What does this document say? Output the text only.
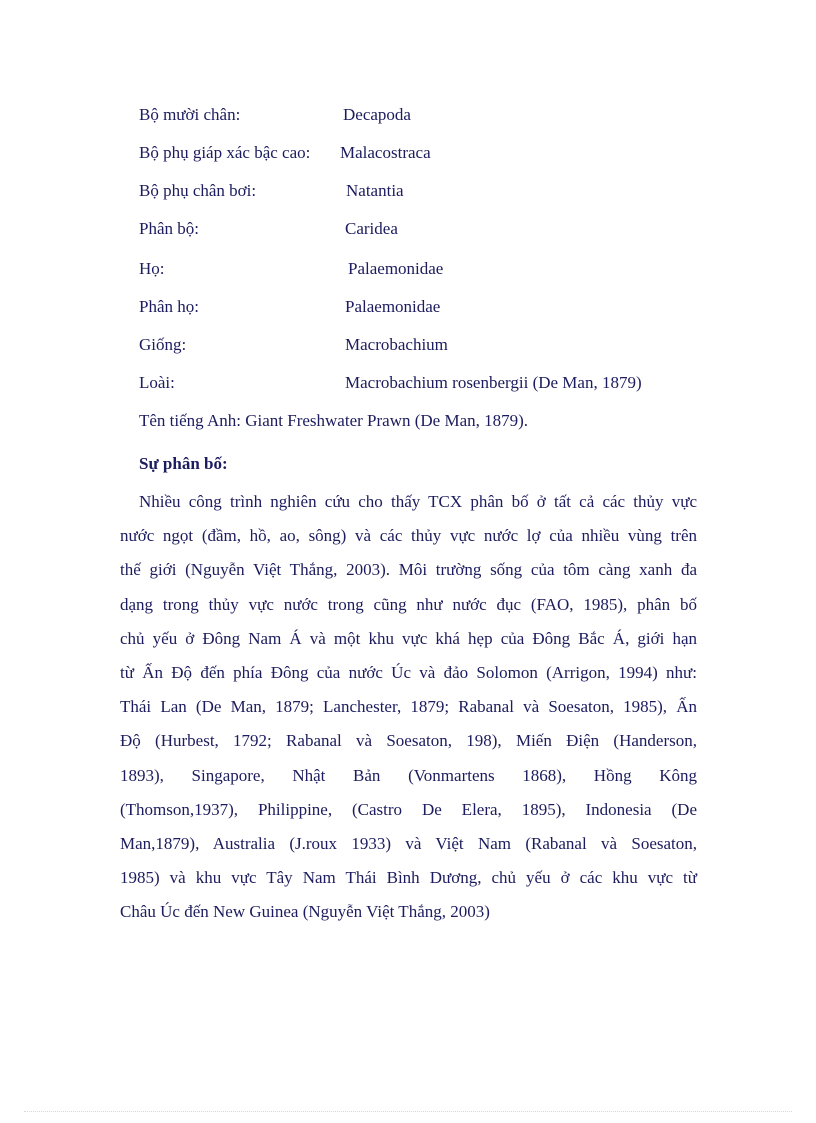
Bộ mười chân:	Decapoda
Bộ phụ giáp xác bậc cao: Malacostraca
Bộ phụ chân bơi:	Natantia
Phân bộ:	Caridea
Họ:	Palaemonidae
Phân họ:	Palaemonidae
Giống:	Macrobachium
Loài:	Macrobachium rosenbergii (De Man, 1879)
Tên tiếng Anh: Giant Freshwater Prawn (De Man, 1879).
Sự phân bố:
Nhiều công trình nghiên cứu cho thấy TCX phân bố ở tất cả các thủy vực
nước ngọt (đầm, hồ, ao, sông) và các thủy vực nước lợ của nhiều vùng trên
thế giới (Nguyễn Việt Thắng, 2003). Môi trường sống của tôm càng xanh đa
dạng trong thủy vực nước trong cũng như nước đục (FAO, 1985), phân bố
chủ yếu ở Đông Nam Á và một khu vực khá hẹp của Đông Bắc Á, giới hạn
từ Ấn Độ đến phía Đông của nước Úc và đảo Solomon (Arrigon, 1994) như:
Thái Lan (De Man, 1879; Lanchester, 1879; Rabanal và Soesaton, 1985), Ấn
Độ (Hurbest, 1792; Rabanal và Soesaton, 198), Miến Điện (Handerson,
1893), Singapore, Nhật Bản (Vonmartens 1868), Hồng Kông
(Thomson,1937), Philippine, (Castro De Elera, 1895), Indonesia (De
Man,1879), Australia (J.roux 1933) và Việt Nam (Rabanal và Soesaton,
1985) và khu vực Tây Nam Thái Bình Dương, chủ yếu ở các khu vực từ
Châu Úc đến New Guinea (Nguyễn Việt Thắng, 2003)
